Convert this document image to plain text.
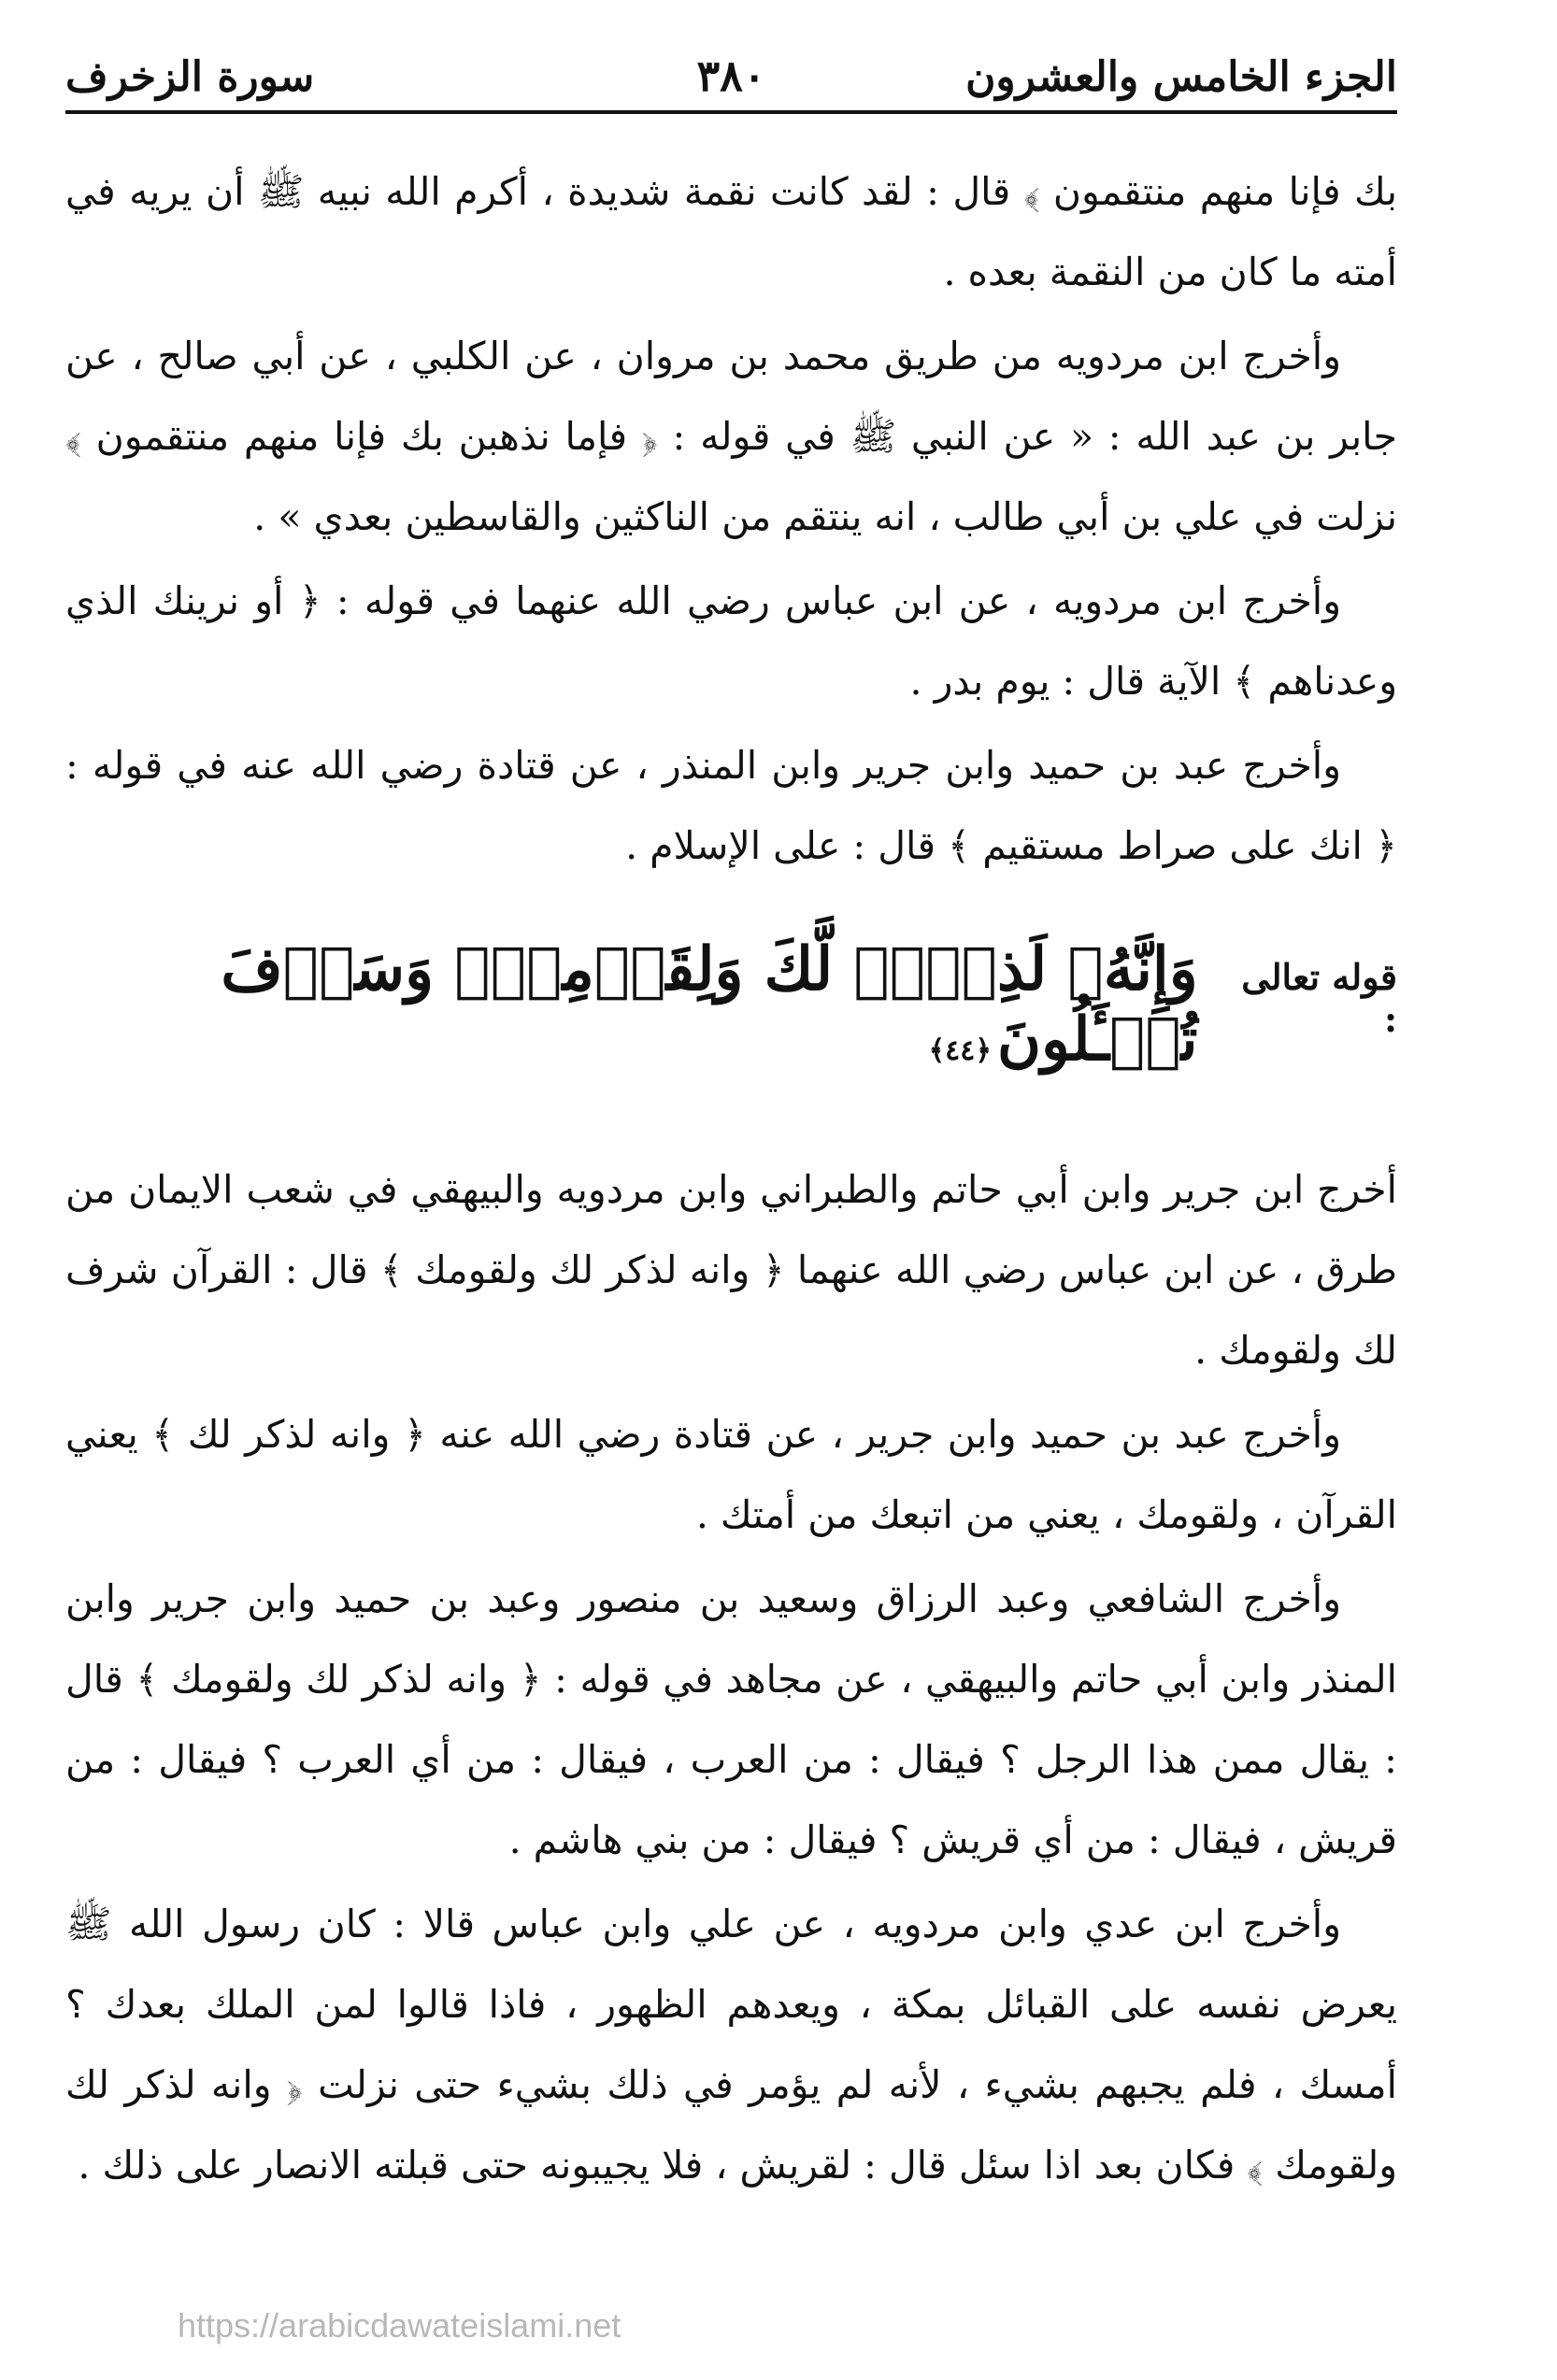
الجزء الخامس والعشرون
٣٨٠
سورة الزخرف

بك فإنا منهم منتقمون ﴾ قال : لقد كانت نقمة شديدة ، أكرم الله نبيه ﷺ أن يريه في أمته ما كان من النقمة بعده .

وأخرج ابن مردويه من طريق محمد بن مروان ، عن الكلبي ، عن أبي صالح ، عن جابر بن عبد الله : « عن النبي ﷺ في قوله : ﴿ فإما نذهبن بك فإنا منهم منتقمون ﴾ نزلت في علي بن أبي طالب ، انه ينتقم من الناكثين والقاسطين بعدي » .

وأخرج ابن مردويه ، عن ابن عباس رضي الله عنهما في قوله : ﴿ أو نرينك الذي وعدناهم ﴾ الآية قال : يوم بدر .

وأخرج عبد بن حميد وابن جرير وابن المنذر ، عن قتادة رضي الله عنه في قوله : ﴿ انك على صراط مستقيم ﴾ قال : على الإسلام .

قوله تعالى :
وَإِنَّهُۥ لَذِكۡرٞ لَّكَ وَلِقَوۡمِكَۖ وَسَوۡفَ تُسۡـَٔلُونَ﴿٤٤﴾

أخرج ابن جرير وابن أبي حاتم والطبراني وابن مردويه والبيهقي في شعب الايمان من طرق ، عن ابن عباس رضي الله عنهما ﴿ وانه لذكر لك ولقومك ﴾ قال : القرآن شرف لك ولقومك .

وأخرج عبد بن حميد وابن جرير ، عن قتادة رضي الله عنه ﴿ وانه لذكر لك ﴾ يعني القرآن ، ولقومك ، يعني من اتبعك من أمتك .

وأخرج الشافعي وعبد الرزاق وسعيد بن منصور وعبد بن حميد وابن جرير وابن المنذر وابن أبي حاتم والبيهقي ، عن مجاهد في قوله : ﴿ وانه لذكر لك ولقومك ﴾ قال : يقال ممن هذا الرجل ؟ فيقال : من العرب ، فيقال : من أي العرب ؟ فيقال : من قريش ، فيقال : من أي قريش ؟ فيقال : من بني هاشم .

وأخرج ابن عدي وابن مردويه ، عن علي وابن عباس قالا : كان رسول الله ﷺ يعرض نفسه على القبائل بمكة ، ويعدهم الظهور ، فاذا قالوا لمن الملك بعدك ؟ أمسك ، فلم يجبهم بشيء ، لأنه لم يؤمر في ذلك بشيء حتى نزلت ﴿ وانه لذكر لك ولقومك ﴾ فكان بعد اذا سئل قال : لقريش ، فلا يجيبونه حتى قبلته الانصار على ذلك .

https://arabicdawateislami.net
